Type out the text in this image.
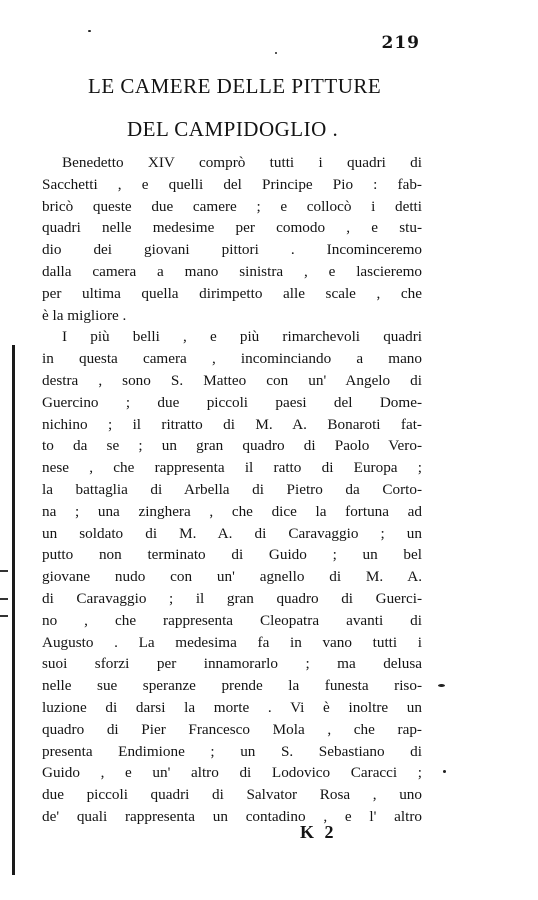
219
LE CAMERE DELLE PITTURE
DEL CAMPIDOGLIO .
Benedetto XIV comprò tutti i quadri di
Sacchetti , e quelli del Principe Pio : fab-
bricò queste due camere ; e collocò i detti
quadri nelle medesime per comodo , e stu-
dio dei giovani pittori . Incominceremo
dalla camera a mano sinistra , e lascieremo
per ultima quella dirimpetto alle scale , che
è la migliore .
I più belli , e più rimarchevoli quadri
in questa camera , incominciando a mano
destra , sono S. Matteo con un' Angelo di
Guercino ; due piccoli paesi del Dome-
nichino ; il ritratto di M. A. Bonaroti fat-
to da se ; un gran quadro di Paolo Vero-
nese , che rappresenta il ratto di Europa ;
la battaglia di Arbella di Pietro da Corto-
na ; una zinghera , che dice la fortuna ad
un soldato di M. A. di Caravaggio ; un
putto non terminato di Guido ; un bel
giovane nudo con un' agnello di M. A.
di Caravaggio ; il gran quadro di Guerci-
no , che rappresenta Cleopatra avanti di
Augusto . La medesima fa in vano tutti i
suoi sforzi per innamorarlo ; ma delusa
nelle sue speranze prende la funesta riso-
luzione di darsi la morte . Vi è inoltre un
quadro di Pier Francesco Mola , che rap-
presenta Endimione ; un S. Sebastiano di
Guido , e un' altro di Lodovico Caracci ;
due piccoli quadri di Salvator Rosa , uno
de' quali rappresenta un contadino , e l' altro
K 2
